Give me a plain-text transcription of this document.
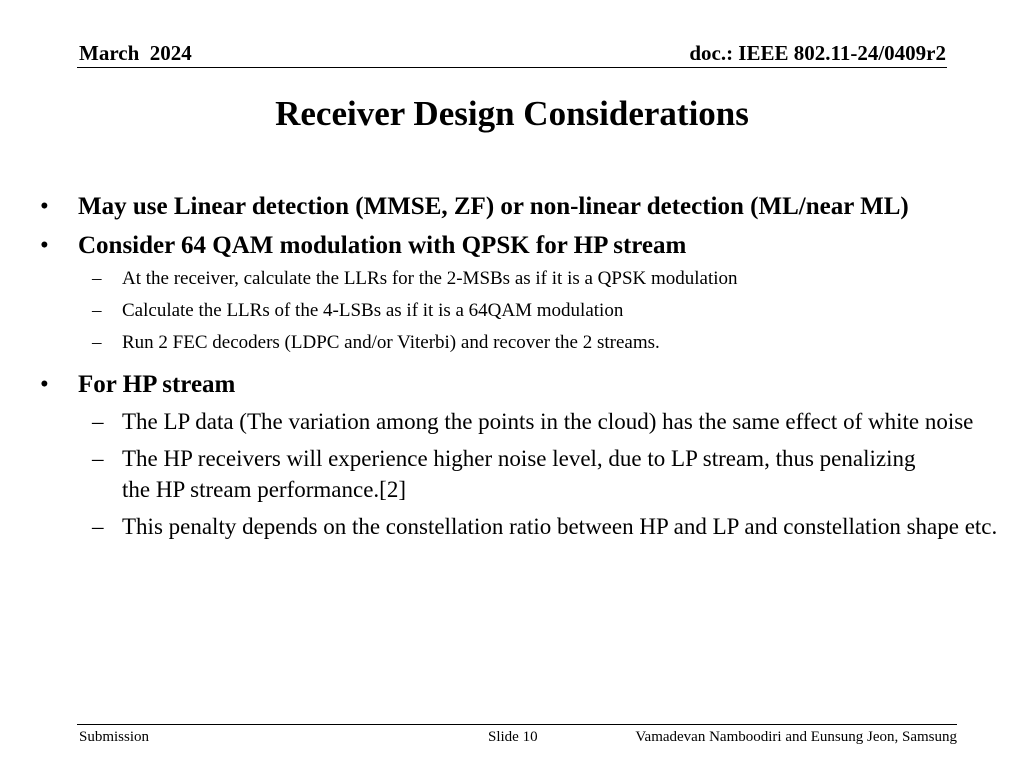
March  2024	doc.: IEEE 802.11-24/0409r2
Receiver Design Considerations
• May use Linear detection (MMSE, ZF) or non-linear detection (ML/near ML)
• Consider 64 QAM modulation with QPSK for HP stream
– At the receiver, calculate the LLRs for the 2-MSBs as if it is a QPSK modulation
– Calculate the LLRs of the 4-LSBs as if it is a 64QAM modulation
– Run 2 FEC decoders (LDPC and/or Viterbi) and recover the 2 streams.
• For HP stream
– The LP data (The variation among the points in the cloud) has the same effect of white noise
– The HP receivers will experience higher noise level, due to LP stream, thus penalizing the HP stream performance.[2]
– This penalty depends on the constellation ratio between HP and LP and constellation shape etc.
Submission	Slide 10	Vamadevan Namboodiri and Eunsung Jeon, Samsung
